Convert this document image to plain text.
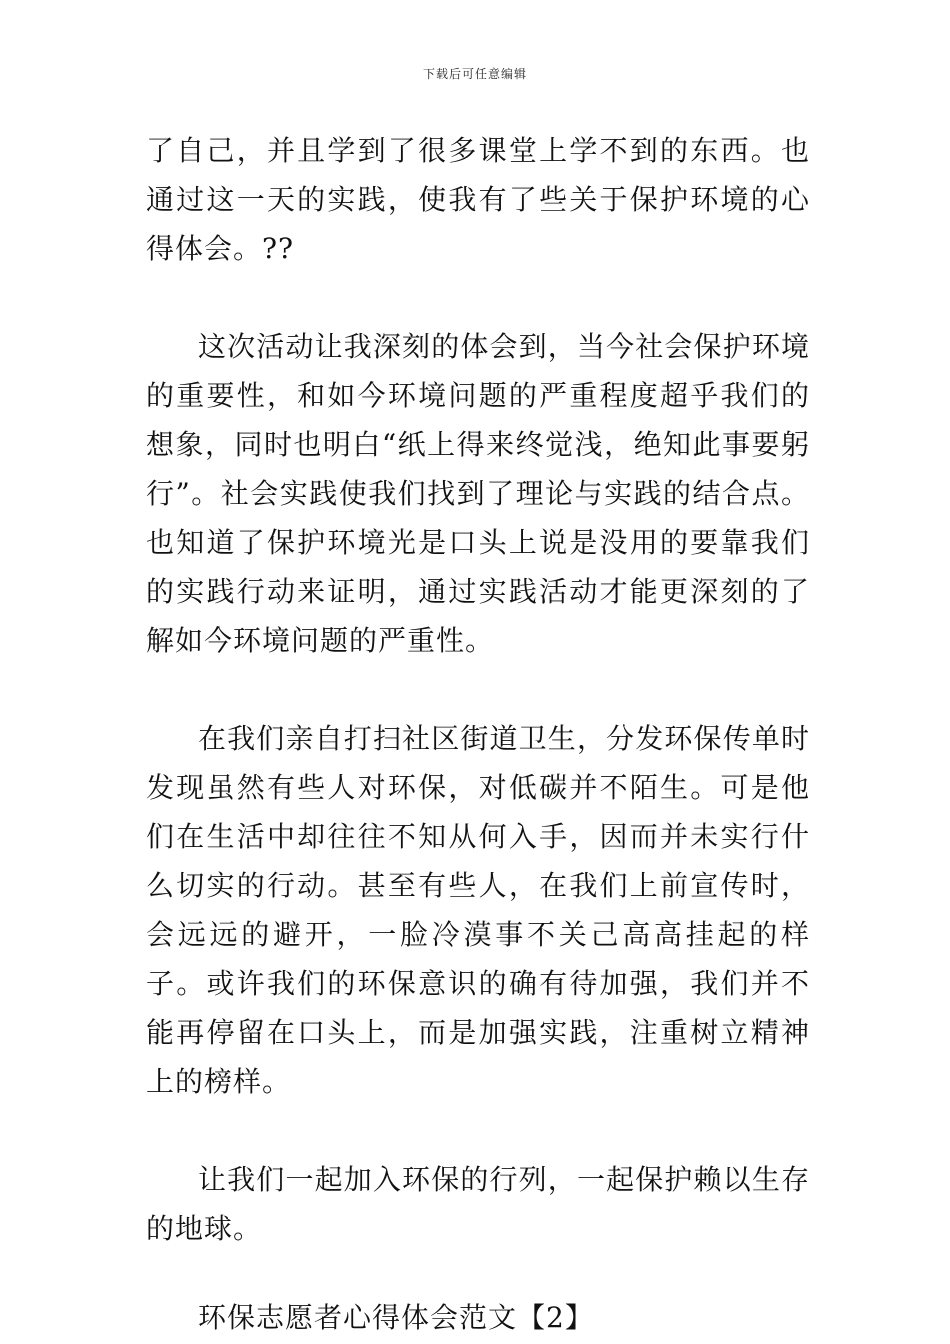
下载后可任意编辑

了自己，并且学到了很多课堂上学不到的东西。也通过这一天的实践，使我有了些关于保护环境的心得体会。??

这次活动让我深刻的体会到，当今社会保护环境的重要性，和如今环境问题的严重程度超乎我们的想象，同时也明白“纸上得来终觉浅，绝知此事要躬行”。社会实践使我们找到了理论与实践的结合点。也知道了保护环境光是口头上说是没用的要靠我们的实践行动来证明，通过实践活动才能更深刻的了解如今环境问题的严重性。

在我们亲自打扫社区街道卫生，分发环保传单时发现虽然有些人对环保，对低碳并不陌生。可是他们在生活中却往往不知从何入手，因而并未实行什么切实的行动。甚至有些人，在我们上前宣传时，会远远的避开，一脸冷漠事不关己高高挂起的样子。或许我们的环保意识的确有待加强，我们并不能再停留在口头上，而是加强实践，注重树立精神上的榜样。

让我们一起加入环保的行列，一起保护赖以生存的地球。

环保志愿者心得体会范文【2】
